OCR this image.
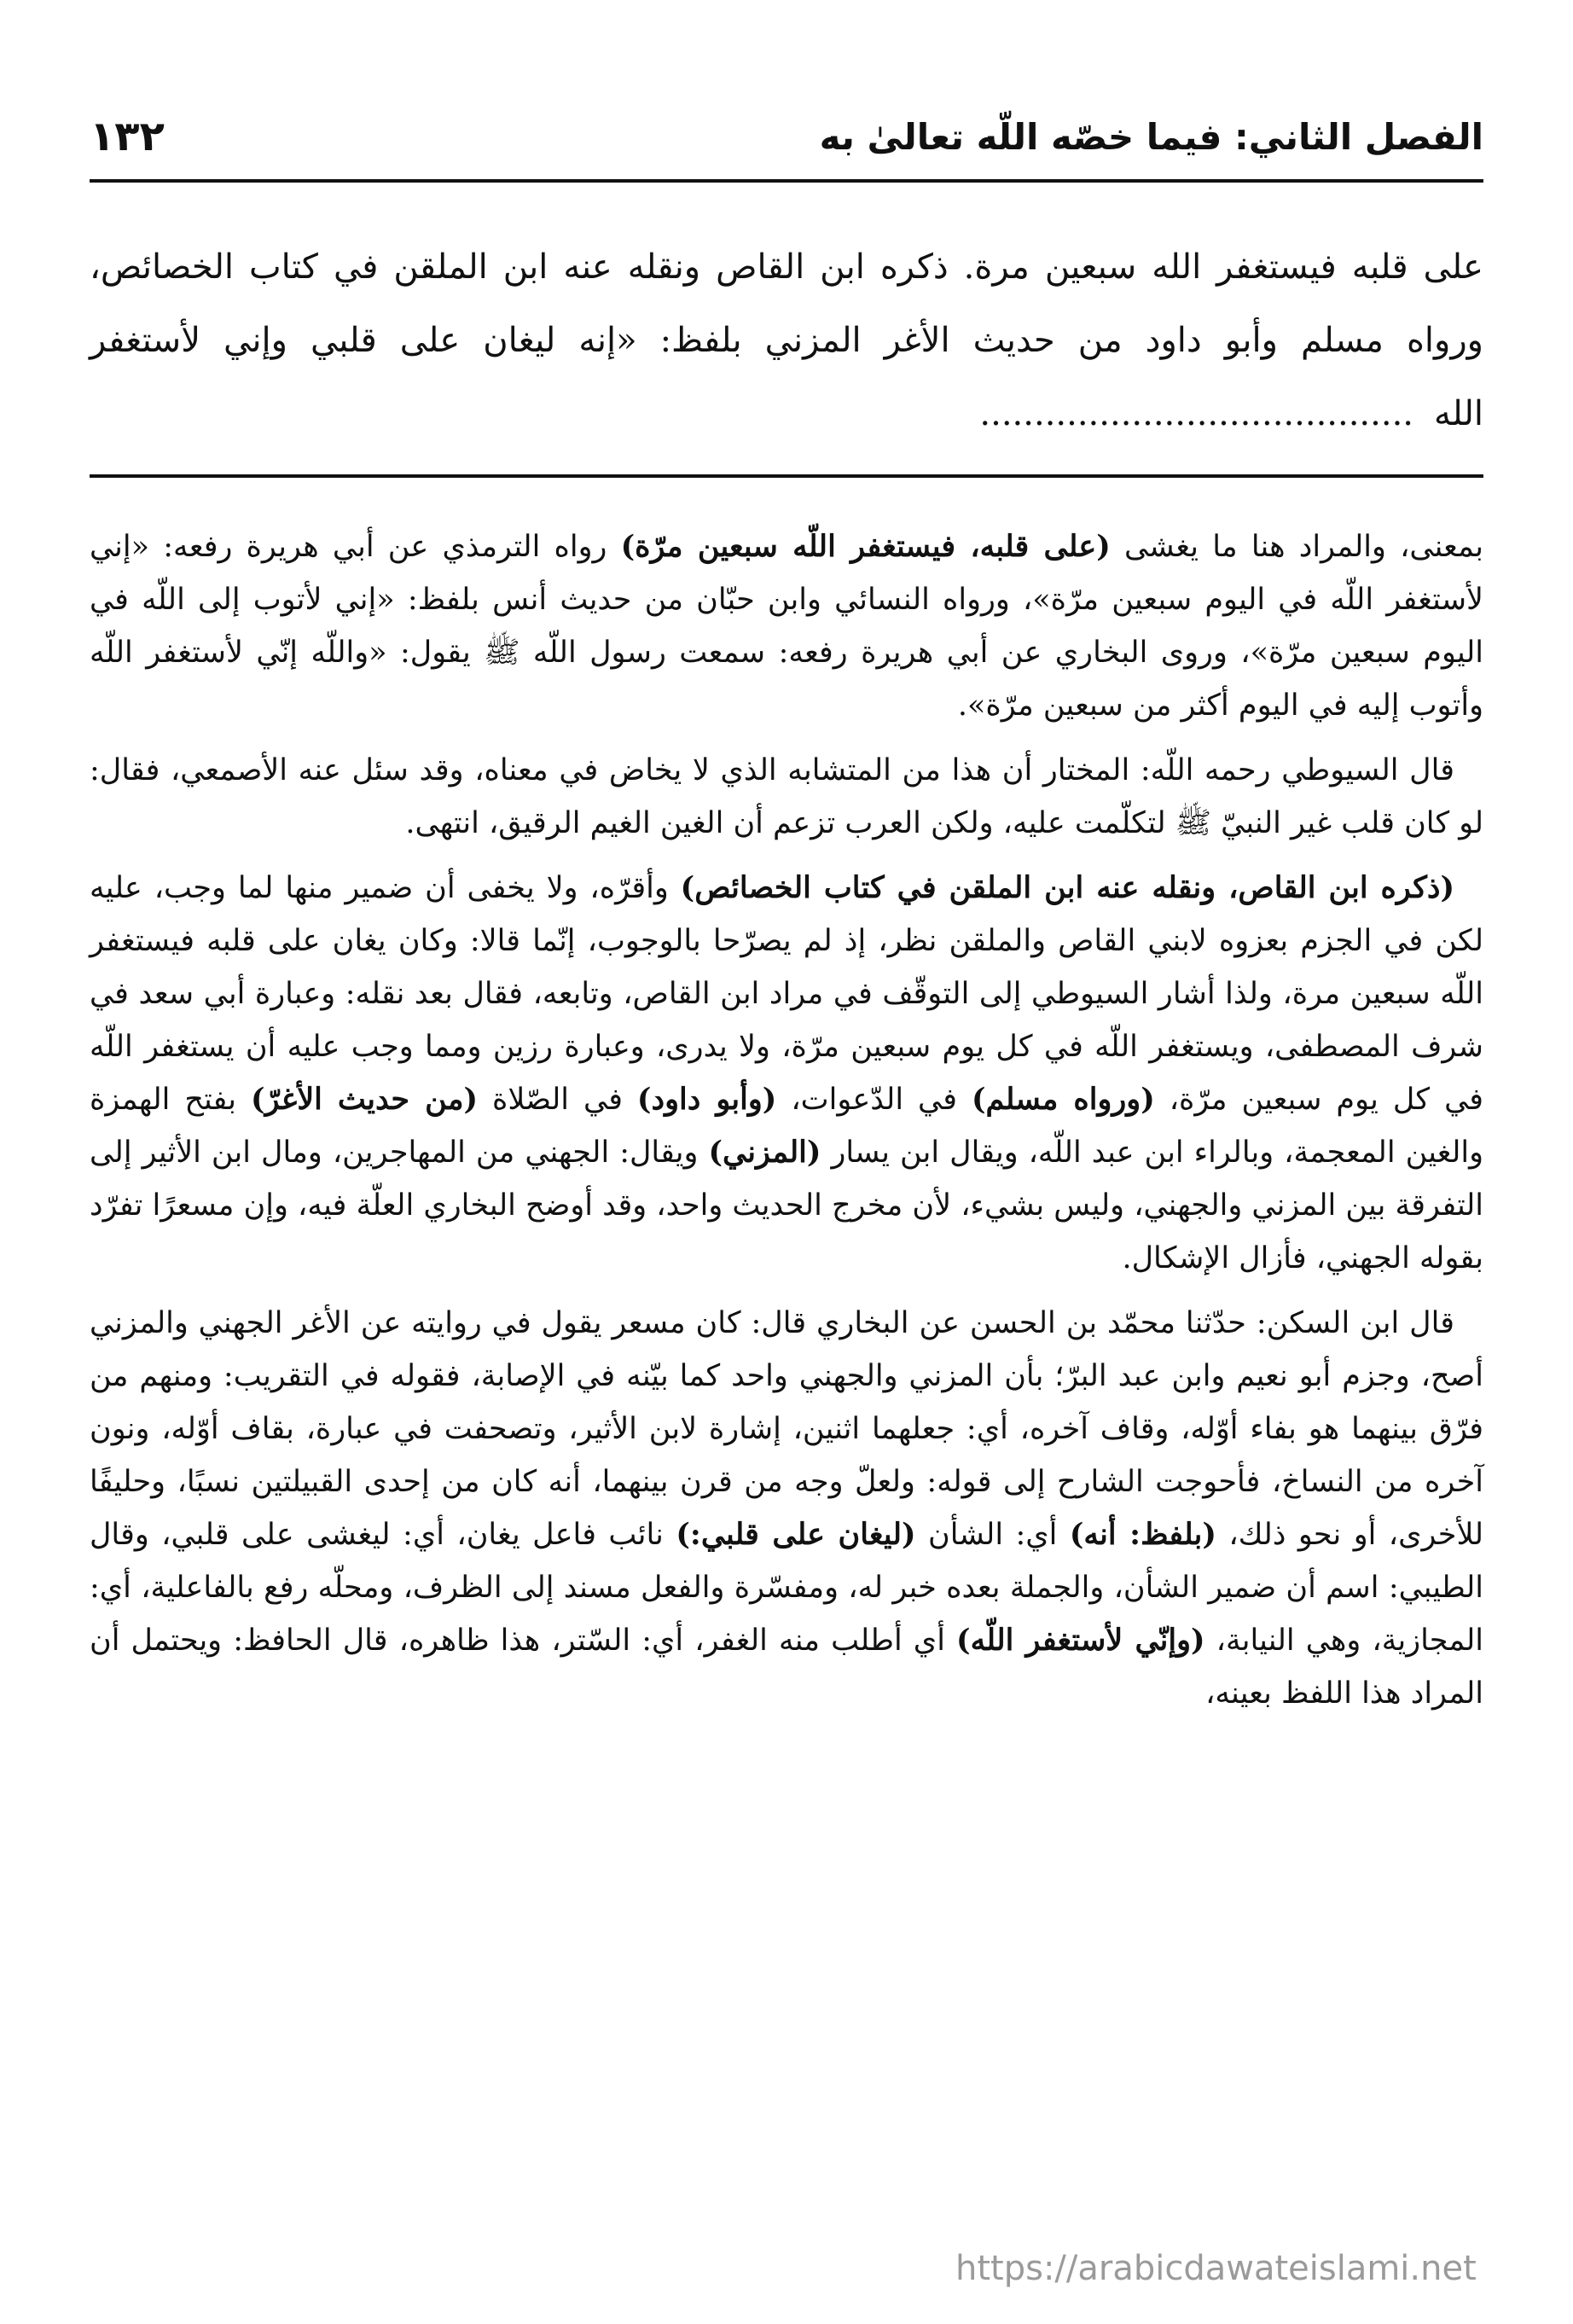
الفصل الثاني: فيما خصّه اللّه تعالىٰ به
١٣٢
على قلبه فيستغفر الله سبعين مرة. ذكره ابن القاص ونقله عنه ابن الملقن في كتاب الخصائص، ورواه مسلم وأبو داود من حديث الأغر المزني بلفظ: «إنه ليغان على قلبي وإني لأستغفر الله........................................

بمعنى، والمراد هنا ما يغشى (على قلبه، فيستغفر اللّه سبعين مرّة) رواه الترمذي عن أبي هريرة رفعه: «إني لأستغفر اللّه في اليوم سبعين مرّة»، ورواه النسائي وابن حبّان من حديث أنس بلفظ: «إني لأتوب إلى اللّه في اليوم سبعين مرّة»، وروى البخاري عن أبي هريرة رفعه: سمعت رسول اللّه ﷺ يقول: «واللّه إنّي لأستغفر اللّه وأتوب إليه في اليوم أكثر من سبعين مرّة».

قال السيوطي رحمه اللّه: المختار أن هذا من المتشابه الذي لا يخاض في معناه، وقد سئل عنه الأصمعي، فقال: لو كان قلب غير النبيّ ﷺ لتكلّمت عليه، ولكن العرب تزعم أن الغين الغيم الرقيق، انتهى.

(ذكره ابن القاص، ونقله عنه ابن الملقن في كتاب الخصائص) وأقرّه، ولا يخفى أن ضمير منها لما وجب، عليه لكن في الجزم بعزوه لابني القاص والملقن نظر، إذ لم يصرّحا بالوجوب، إنّما قالا: وكان يغان على قلبه فيستغفر اللّه سبعين مرة، ولذا أشار السيوطي إلى التوقّف في مراد ابن القاص، وتابعه، فقال بعد نقله: وعبارة أبي سعد في شرف المصطفى، ويستغفر اللّه في كل يوم سبعين مرّة، ولا يدرى، وعبارة رزين ومما وجب عليه أن يستغفر اللّه في كل يوم سبعين مرّة، (ورواه مسلم) في الدّعوات، (وأبو داود) في الصّلاة (من حديث الأغرّ) بفتح الهمزة والغين المعجمة، وبالراء ابن عبد اللّه، ويقال ابن يسار (المزني) ويقال: الجهني من المهاجرين، ومال ابن الأثير إلى التفرقة بين المزني والجهني، وليس بشيء، لأن مخرج الحديث واحد، وقد أوضح البخاري العلّة فيه، وإن مسعرًا تفرّد بقوله الجهني، فأزال الإشكال.

قال ابن السكن: حدّثنا محمّد بن الحسن عن البخاري قال: كان مسعر يقول في روايته عن الأغر الجهني والمزني أصح، وجزم أبو نعيم وابن عبد البرّ؛ بأن المزني والجهني واحد كما بيّنه في الإصابة، فقوله في التقريب: ومنهم من فرّق بينهما هو بفاء أوّله، وقاف آخره، أي: جعلهما اثنين، إشارة لابن الأثير، وتصحفت في عبارة، بقاف أوّله، ونون آخره من النساخ، فأحوجت الشارح إلى قوله: ولعلّ وجه من قرن بينهما، أنه كان من إحدى القبيلتين نسبًا، وحليفًا للأخرى، أو نحو ذلك، (بلفظ: أنه) أي: الشأن (ليغان على قلبي:) نائب فاعل يغان، أي: ليغشى على قلبي، وقال الطيبي: اسم أن ضمير الشأن، والجملة بعده خبر له، ومفسّرة والفعل مسند إلى الظرف، ومحلّه رفع بالفاعلية، أي: المجازية، وهي النيابة، (وإنّي لأستغفر اللّه) أي أطلب منه الغفر، أي: السّتر، هذا ظاهره، قال الحافظ: ويحتمل أن المراد هذا اللفظ بعينه،

https://arabicdawateislami.net
